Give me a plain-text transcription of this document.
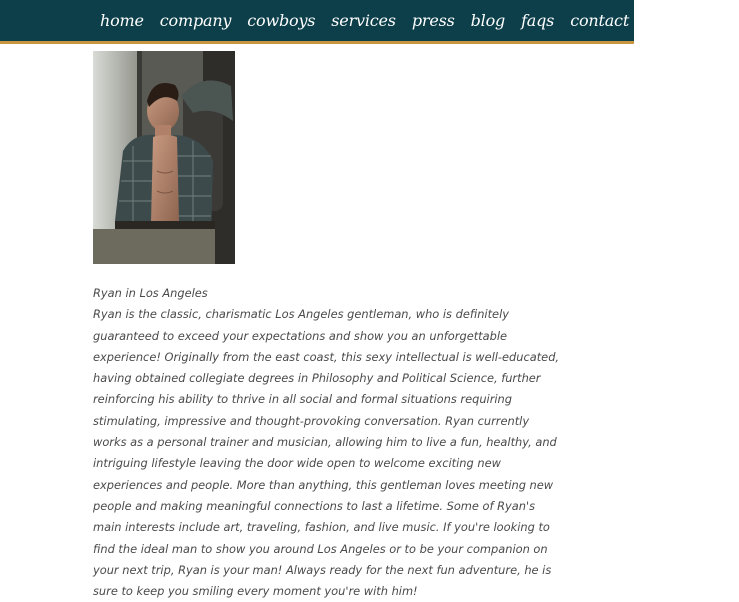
home company cowboys services press blog faqs contact covid policy

Ryan in Los Angeles

Ryan is the classic, charismatic Los Angeles gentleman, who is definitely guaranteed to exceed your expectations and show you an unforgettable experience! Originally from the east coast, this sexy intellectual is well-educated, having obtained collegiate degrees in Philosophy and Political Science, further reinforcing his ability to thrive in all social and formal situations requiring stimulating, impressive and thought-provoking conversation. Ryan currently works as a personal trainer and musician, allowing him to live a fun, healthy, and intriguing lifestyle leaving the door wide open to welcome exciting new experiences and people. More than anything, this gentleman loves meeting new people and making meaningful connections to last a lifetime. Some of Ryan's main interests include art, traveling, fashion, and live music. If you're looking to find the ideal man to show you around Los Angeles or to be your companion on your next trip, Ryan is your man! Always ready for the next fun adventure, he is sure to keep you smiling every moment you're with him!
